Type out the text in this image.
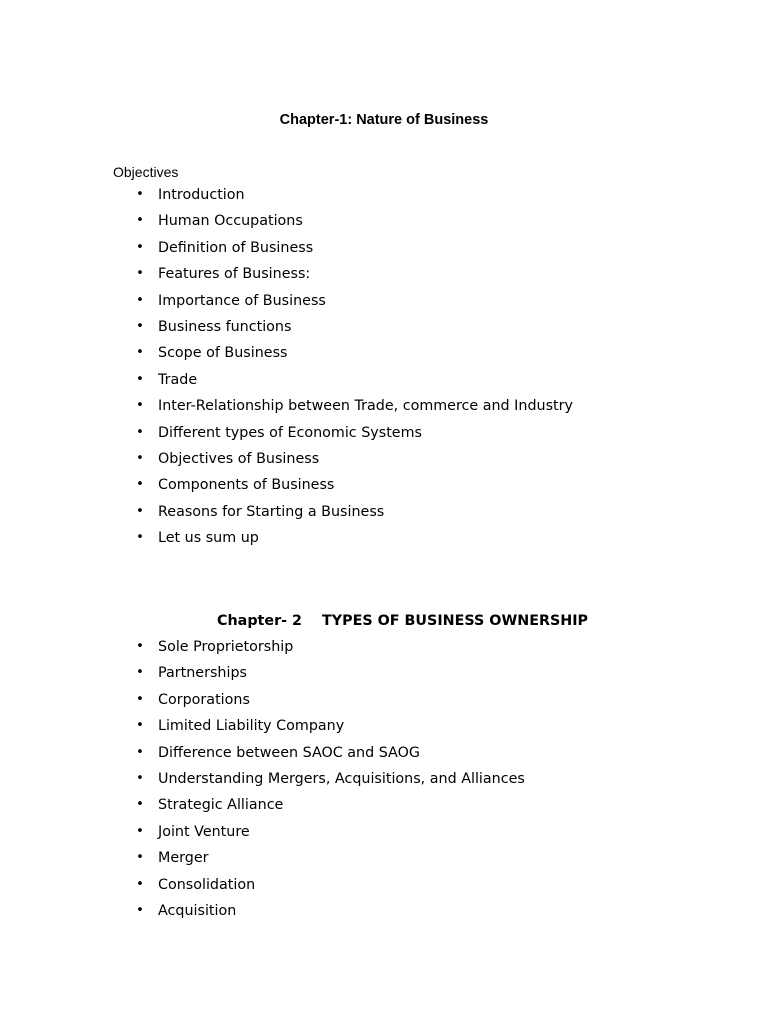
Chapter-1: Nature of Business
Objectives
• Introduction
• Human Occupations
• Definition of Business
• Features of Business:
• Importance of Business
• Business functions
• Scope of Business
• Trade
• Inter-Relationship between Trade, commerce and Industry
• Different types of Economic Systems
• Objectives of Business
• Components of Business
• Reasons for Starting a Business
• Let us sum up
Chapter- 2 TYPES OF BUSINESS OWNERSHIP
• Sole Proprietorship
• Partnerships
• Corporations
• Limited Liability Company
• Difference between SAOC and SAOG
• Understanding Mergers, Acquisitions, and Alliances
• Strategic Alliance
• Joint Venture
• Merger
• Consolidation
• Acquisition
